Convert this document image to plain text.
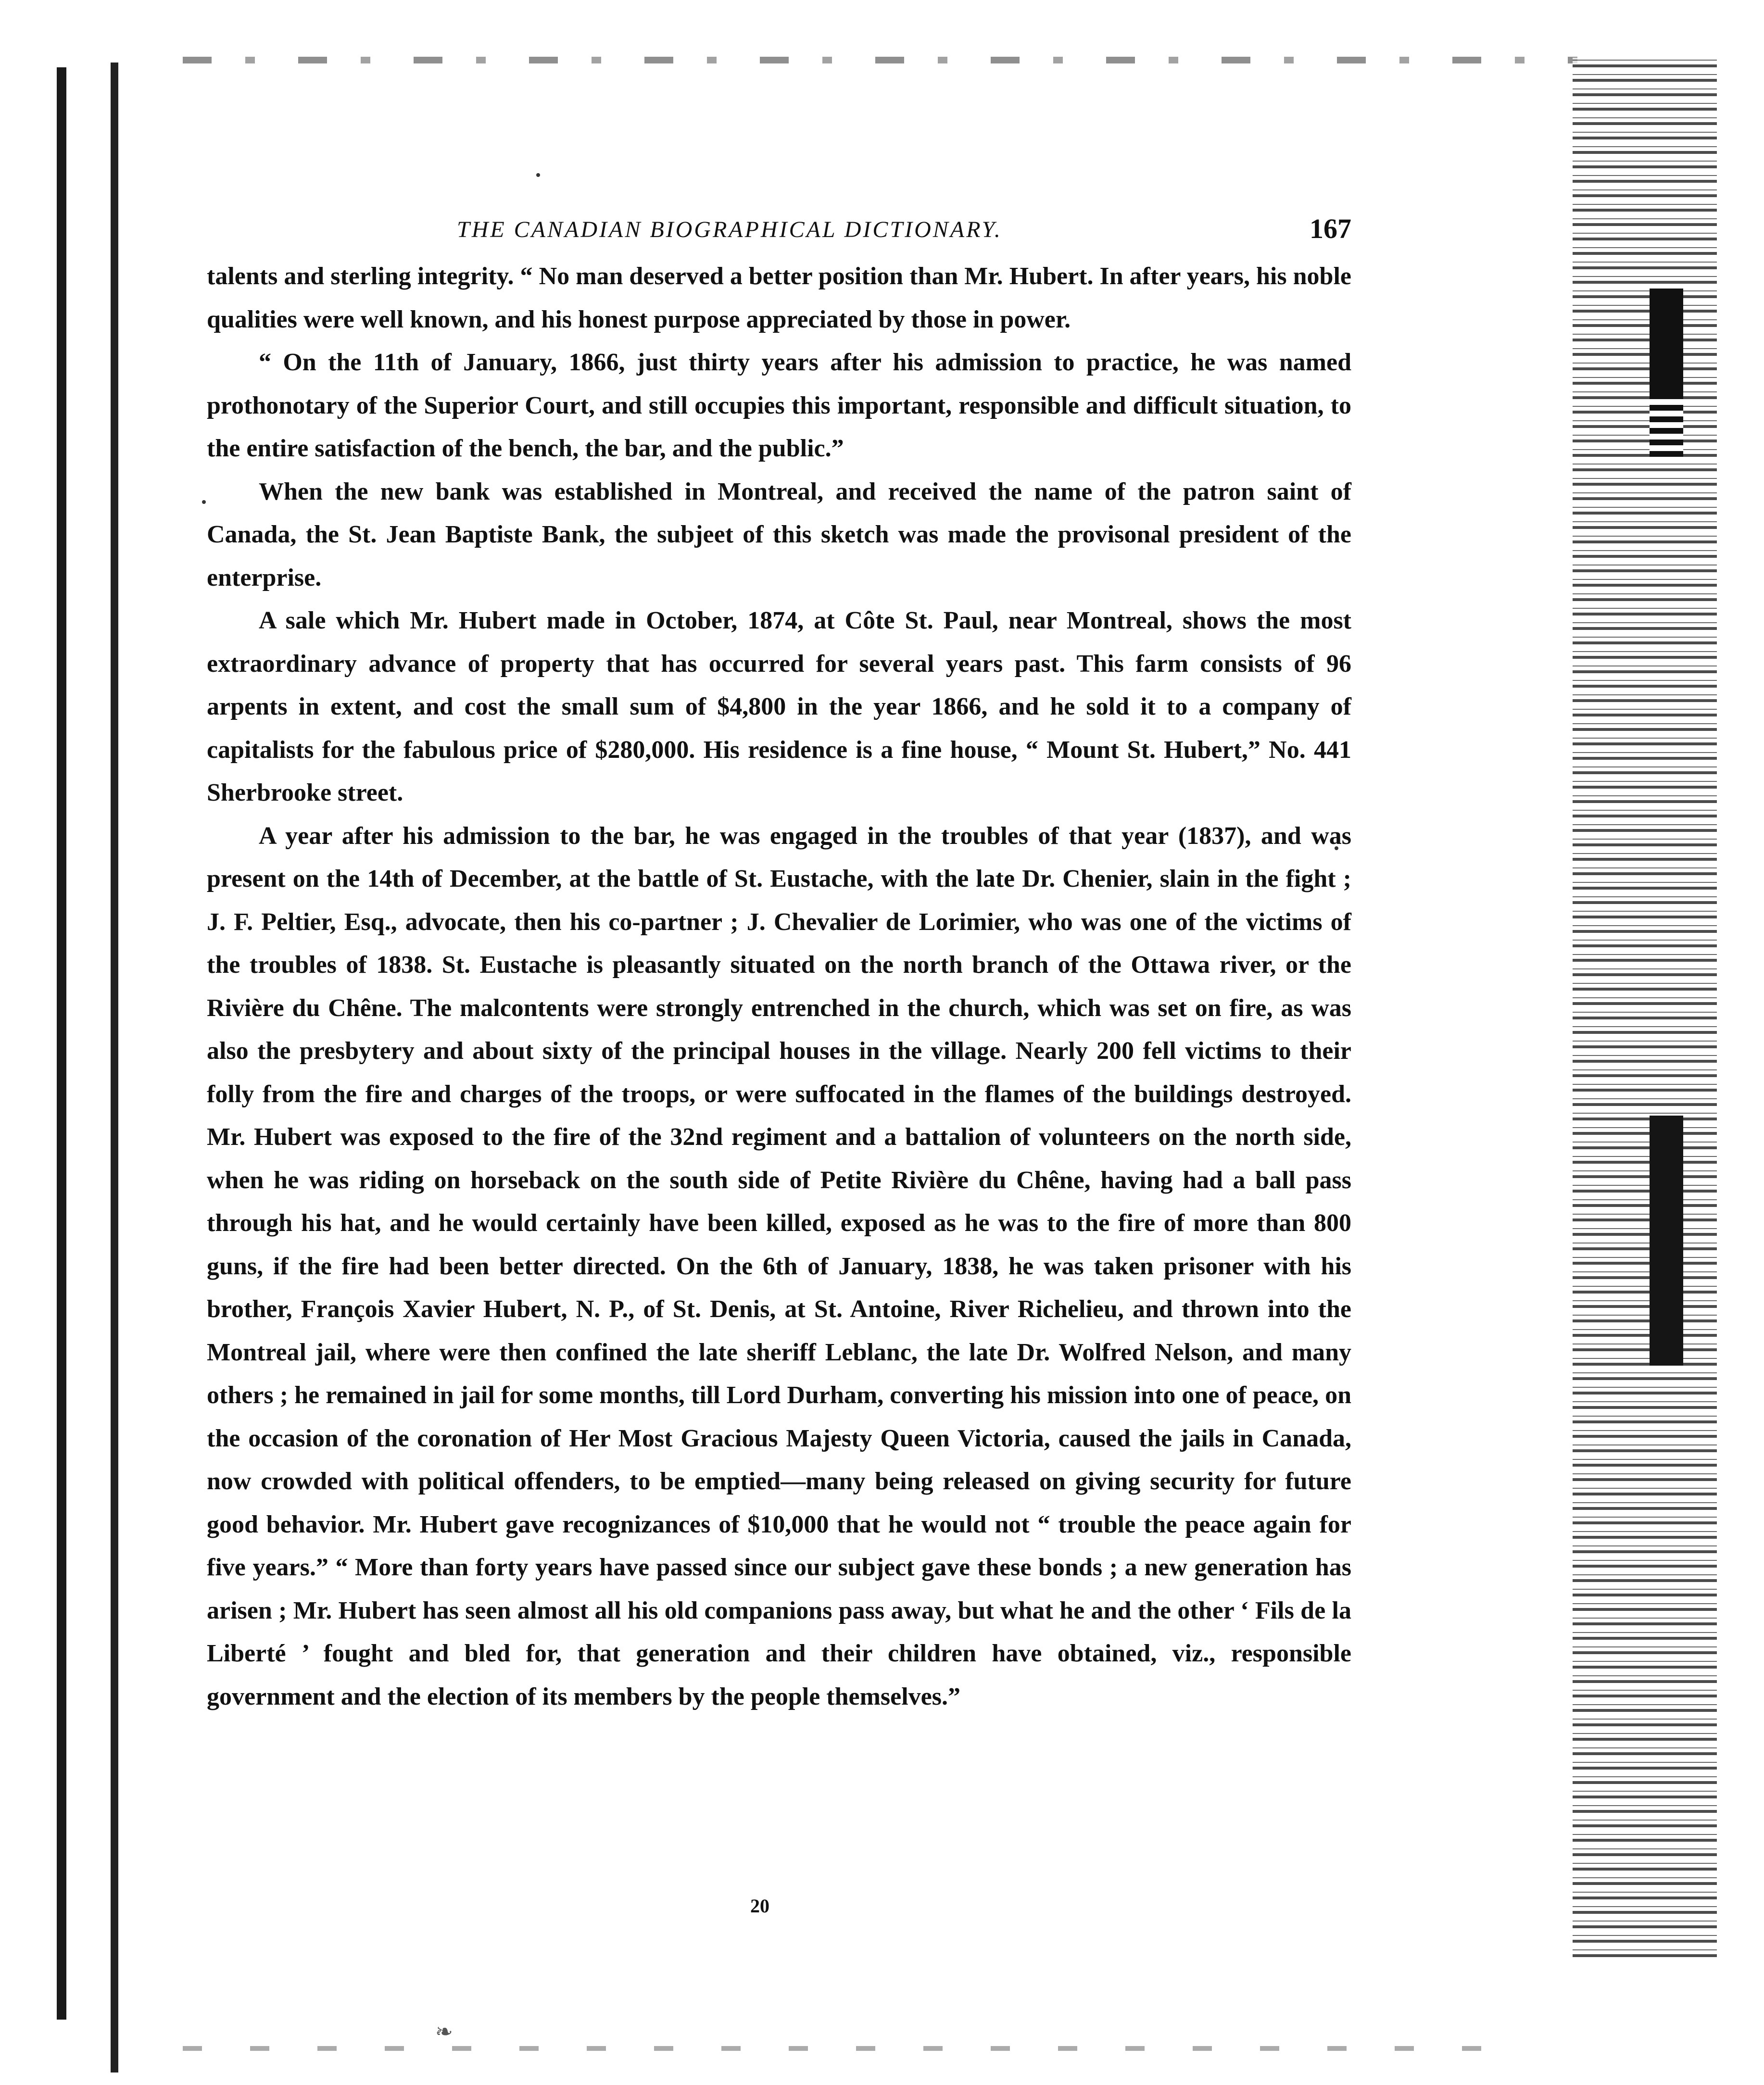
THE CANADIAN BIOGRAPHICAL DICTIONARY.	167

talents and sterling integrity. “ No man deserved a better position than Mr. Hubert. In after years, his noble qualities were well known, and his honest purpose appreciated by those in power.

“ On the 11th of January, 1866, just thirty years after his admission to practice, he was named prothonotary of the Superior Court, and still occupies this important, responsible and difficult situation, to the entire satisfaction of the bench, the bar, and the public.”

When the new bank was established in Montreal, and received the name of the patron saint of Canada, the St. Jean Baptiste Bank, the subjeet of this sketch was made the provisonal president of the enterprise.

A sale which Mr. Hubert made in October, 1874, at Côte St. Paul, near Montreal, shows the most extraordinary advance of property that has occurred for several years past. This farm consists of 96 arpents in extent, and cost the small sum of $4,800 in the year 1866, and he sold it to a company of capitalists for the fabulous price of $280,000. His residence is a fine house, “ Mount St. Hubert,” No. 441 Sherbrooke street.

A year after his admission to the bar, he was engaged in the troubles of that year (1837), and was present on the 14th of December, at the battle of St. Eustache, with the late Dr. Chenier, slain in the fight ; J. F. Peltier, Esq., advocate, then his co-partner ; J. Chevalier de Lorimier, who was one of the victims of the troubles of 1838. St. Eustache is pleasantly situated on the north branch of the Ottawa river, or the Rivière du Chêne. The malcontents were strongly entrenched in the church, which was set on fire, as was also the presbytery and about sixty of the principal houses in the village. Nearly 200 fell victims to their folly from the fire and charges of the troops, or were suffocated in the flames of the buildings destroyed. Mr. Hubert was exposed to the fire of the 32nd regiment and a battalion of volunteers on the north side, when he was riding on horseback on the south side of Petite Rivière du Chêne, having had a ball pass through his hat, and he would certainly have been killed, exposed as he was to the fire of more than 800 guns, if the fire had been better directed. On the 6th of January, 1838, he was taken prisoner with his brother, François Xavier Hubert, N. P., of St. Denis, at St. Antoine, River Richelieu, and thrown into the Montreal jail, where were then confined the late sheriff Leblanc, the late Dr. Wolfred Nelson, and many others ; he remained in jail for some months, till Lord Durham, converting his mission into one of peace, on the occasion of the coronation of Her Most Gracious Majesty Queen Victoria, caused the jails in Canada, now crowded with political offenders, to be emptied—many being released on giving security for future good behavior. Mr. Hubert gave recognizances of $10,000 that he would not “ trouble the peace again for five years.” “ More than forty years have passed since our subject gave these bonds ; a new generation has arisen ; Mr. Hubert has seen almost all his old companions pass away, but what he and the other ‘ Fils de la Liberté ’ fought and bled for, that generation and their children have obtained, viz., responsible government and the election of its members by the people themselves.”

20
❧
